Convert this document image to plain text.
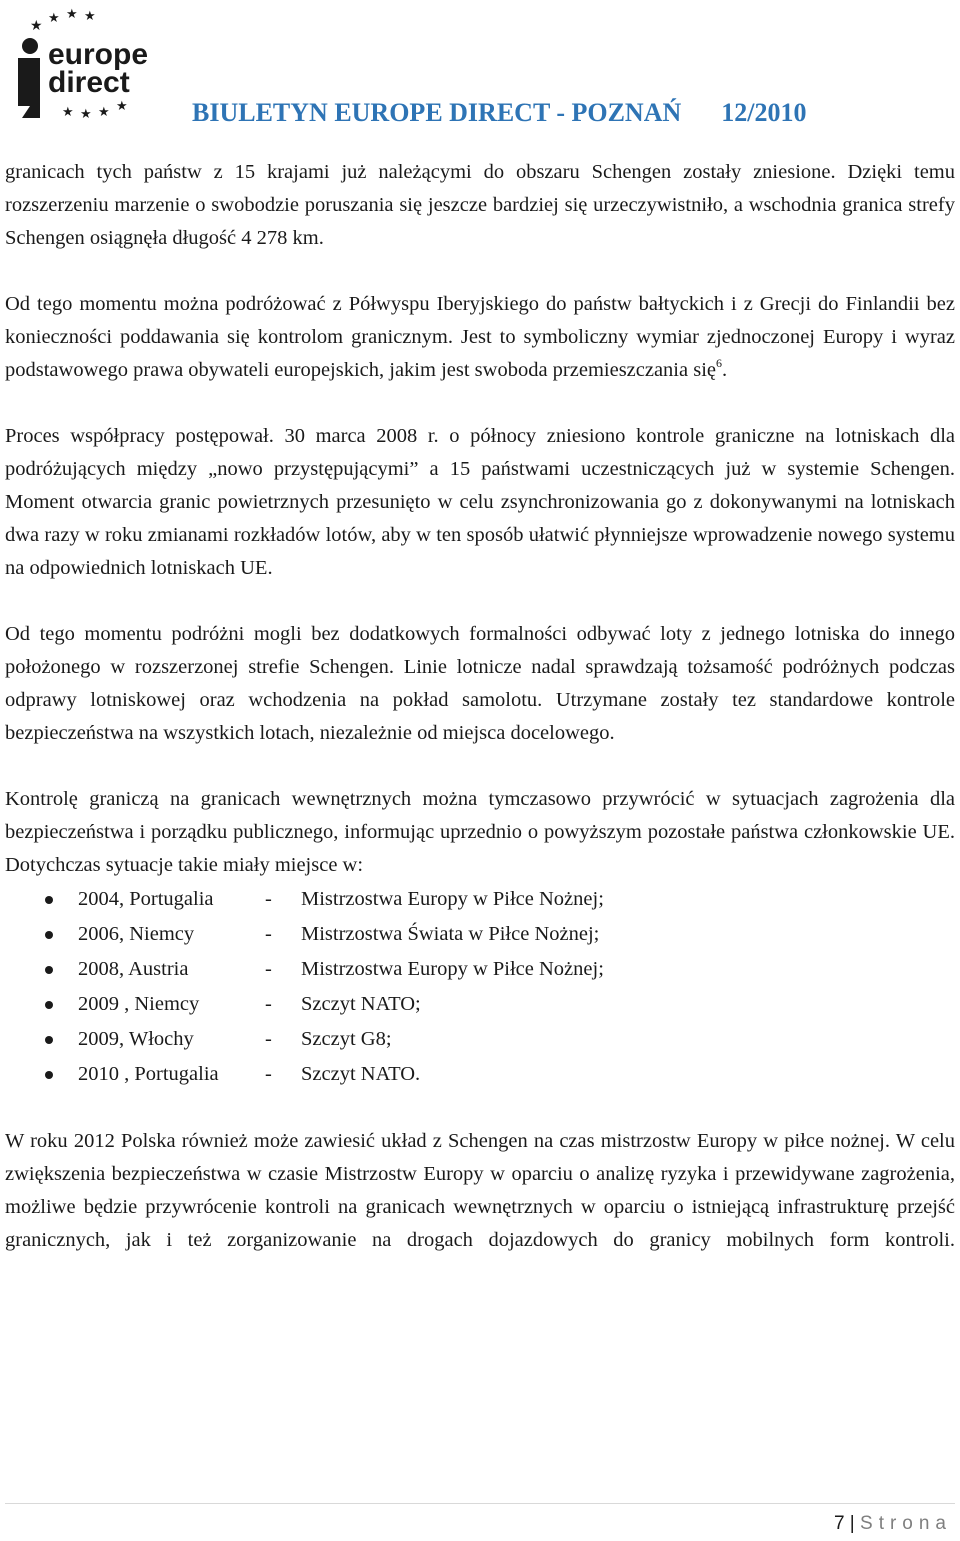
★ ★ ★ ★
★ ★ ★ ★
europe
direct
BIULETYN EUROPE DIRECT - POZNAŃ 12/2010

granicach tych państw z 15 krajami już należącymi do obszaru Schengen zostały zniesione. Dzięki temu rozszerzeniu marzenie o swobodzie poruszania się jeszcze bardziej się urzeczywistniło, a wschodnia granica strefy Schengen osiągnęła długość 4 278 km.

Od tego momentu można podróżować z Półwyspu Iberyjskiego do państw bałtyckich i z Grecji do Finlandii bez konieczności poddawania się kontrolom granicznym. Jest to symboliczny wymiar zjednoczonej Europy i wyraz podstawowego prawa obywateli europejskich, jakim jest swoboda przemieszczania się$^6$.

Proces współpracy postępował. 30 marca 2008 r. o północy zniesiono kontrole graniczne na lotniskach dla podróżujących między „nowo przystępującymi” a 15 państwami uczestniczących już w systemie Schengen. Moment otwarcia granic powietrznych przesunięto w celu zsynchronizowania go z dokonywanymi na lotniskach dwa razy w roku zmianami rozkładów lotów, aby w ten sposób ułatwić płynniejsze wprowadzenie nowego systemu na odpowiednich lotniskach UE.

Od tego momentu podróżni mogli bez dodatkowych formalności odbywać loty z jednego lotniska do innego położonego w rozszerzonej strefie Schengen. Linie lotnicze nadal sprawdzają tożsamość podróżnych podczas odprawy lotniskowej oraz wchodzenia na pokład samolotu. Utrzymane zostały tez standardowe kontrole bezpieczeństwa na wszystkich lotach, niezależnie od miejsca docelowego.

Kontrolę graniczą na granicach wewnętrznych można tymczasowo przywrócić w sytuacjach zagrożenia dla bezpieczeństwa i porządku publicznego, informując uprzednio o powyższym pozostałe państwa członkowskie UE. Dotychczas sytuacje takie miały miejsce w:

2004, Portugalia	- Mistrzostwa Europy w Piłce Nożnej;
2006, Niemcy	- Mistrzostwa Świata w Piłce Nożnej;
2008, Austria	- Mistrzostwa Europy w Piłce Nożnej;
2009 , Niemcy	- Szczyt NATO;
2009, Włochy	- Szczyt G8;
2010 , Portugalia - Szczyt NATO.

W roku 2012 Polska również może zawiesić układ z Schengen na czas mistrzostw Europy w piłce nożnej. W celu zwiększenia bezpieczeństwa w czasie Mistrzostw Europy w oparciu o analizę ryzyka i przewidywane zagrożenia, możliwe będzie przywrócenie kontroli na granicach wewnętrznych w oparciu o istniejącą infrastrukturę przejść granicznych, jak i też zorganizowanie na drogach dojazdowych do granicy mobilnych form kontroli.

7 | Strona
